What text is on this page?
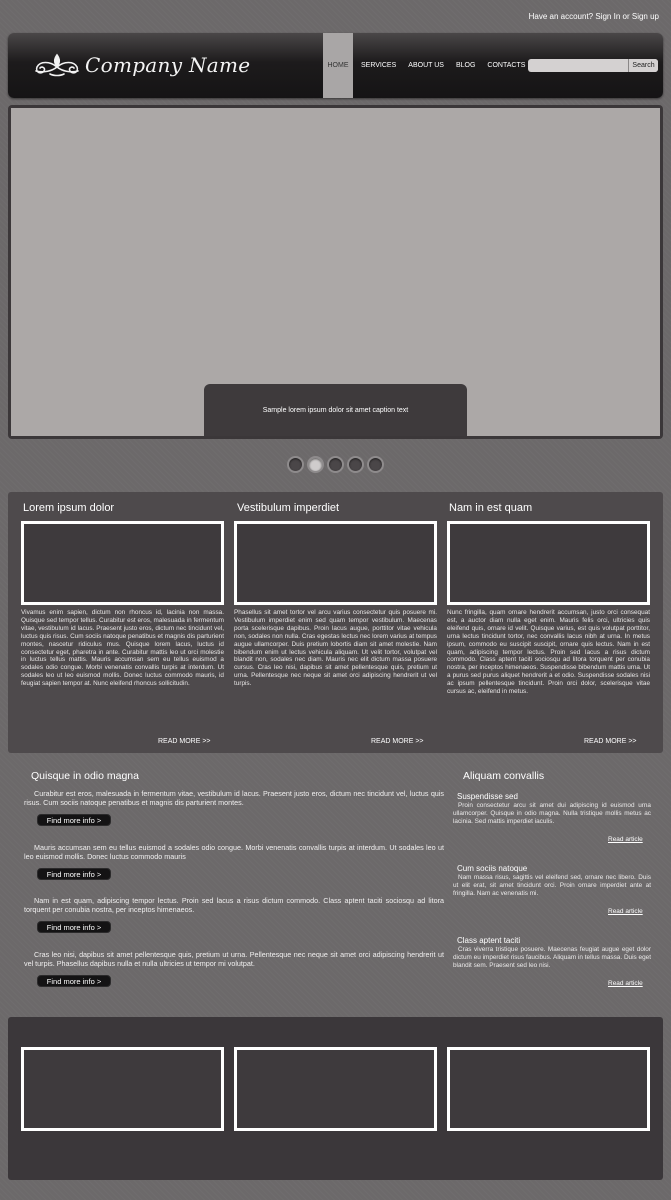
Have an account? Sign In or Sign up
Company Name	HOME	SERVICES	ABOUT US	BLOG	CONTACTS	Search
Sample lorem ipsum dolor sit amet caption text
Lorem ipsum dolor
Vivamus enim sapien, dictum non rhoncus id, lacinia non massa. Quisque sed tempor tellus. Curabitur est eros, malesuada in fermentum vitae, vestibulum id lacus. Praesent justo eros, dictum nec tincidunt vel, luctus quis risus. Cum sociis natoque penatibus et magnis dis parturient montes, nascetur ridiculus mus. Quisque lorem lacus, luctus id consectetur eget, pharetra in ante. Curabitur mattis leo ut orci molestie in luctus tellus mattis. Mauris accumsan sem eu tellus euismod a sodales odio congue. Morbi venenatis convallis turpis at interdum. Ut sodales leo ut leo euismod mollis. Donec luctus commodo mauris, id feugiat sapien tempor at. Nunc eleifend rhoncus sollicitudin.
READ MORE >>
Vestibulum imperdiet
Phasellus sit amet tortor vel arcu varius consectetur quis posuere mi. Vestibulum imperdiet enim sed quam tempor vestibulum. Maecenas porta scelerisque dapibus. Proin lacus augue, porttitor vitae vehicula non, sodales non nulla. Cras egestas lectus nec lorem varius at tempus augue ullamcorper. Duis pretium lobortis diam sit amet molestie. Nam bibendum enim ut lectus vehicula aliquam. Ut velit tortor, volutpat vel blandit non, sodales nec diam. Mauris nec elit dictum massa posuere cursus. Cras leo nisi, dapibus sit amet pellentesque quis, pretium ut urna. Pellentesque nec neque sit amet orci adipiscing hendrerit ut vel turpis.
READ MORE >>
Nam in est quam
Nunc fringilla, quam ornare hendrerit accumsan, justo orci consequat est, a auctor diam nulla eget enim. Mauris felis orci, ultricies quis eleifend quis, ornare id velit. Quisque varius, est quis volutpat porttitor, urna lectus tincidunt tortor, nec convallis lacus nibh at urna. In metus ipsum, commodo eu suscipit suscipit, ornare quis lectus. Nam in est quam, adipiscing tempor lectus. Proin sed lacus a risus dictum commodo. Class aptent taciti sociosqu ad litora torquent per conubia nostra, per inceptos himenaeos. Suspendisse bibendum mattis urna. Ut a purus sed purus aliquet hendrerit a et odio. Suspendisse sodales nisi ac ipsum pellentesque tincidunt. Proin orci dolor, scelerisque vitae cursus ac, eleifend in metus.
READ MORE >>
Quisque in odio magna
Curabitur est eros, malesuada in fermentum vitae, vestibulum id lacus. Praesent justo eros, dictum nec tincidunt vel, luctus quis risus. Cum sociis natoque penatibus et magnis dis parturient montes.
Find more info >
Mauris accumsan sem eu tellus euismod a sodales odio congue. Morbi venenatis convallis turpis at interdum. Ut sodales leo ut leo euismod mollis. Donec luctus commodo mauris
Find more info >
Nam in est quam, adipiscing tempor lectus. Proin sed lacus a risus dictum commodo. Class aptent taciti sociosqu ad litora torquent per conubia nostra, per inceptos himenaeos.
Find more info >
Cras leo nisi, dapibus sit amet pellentesque quis, pretium ut urna. Pellentesque nec neque sit amet orci adipiscing hendrerit ut vel turpis. Phasellus dapibus nulla et nulla ultricies ut tempor mi volutpat.
Find more info >
Aliquam convallis
Suspendisse sed
Proin consectetur arcu sit amet dui adipiscing id euismod urna ullamcorper. Quisque in odio magna. Nulla tristique mollis metus ac lacinia. Sed mattis imperdiet iaculis.
Read article
Cum sociis natoque
Nam massa risus, sagittis vel eleifend sed, ornare nec libero. Duis ut elit erat, sit amet tincidunt orci. Proin ornare imperdiet ante at fringilla. Nam ac venenatis mi.
Read article
Class aptent taciti
Cras viverra tristique posuere. Maecenas feugiat augue eget dolor dictum eu imperdiet risus faucibus. Aliquam in tellus massa. Duis eget blandit sem. Praesent sed leo nisi.
Read article
